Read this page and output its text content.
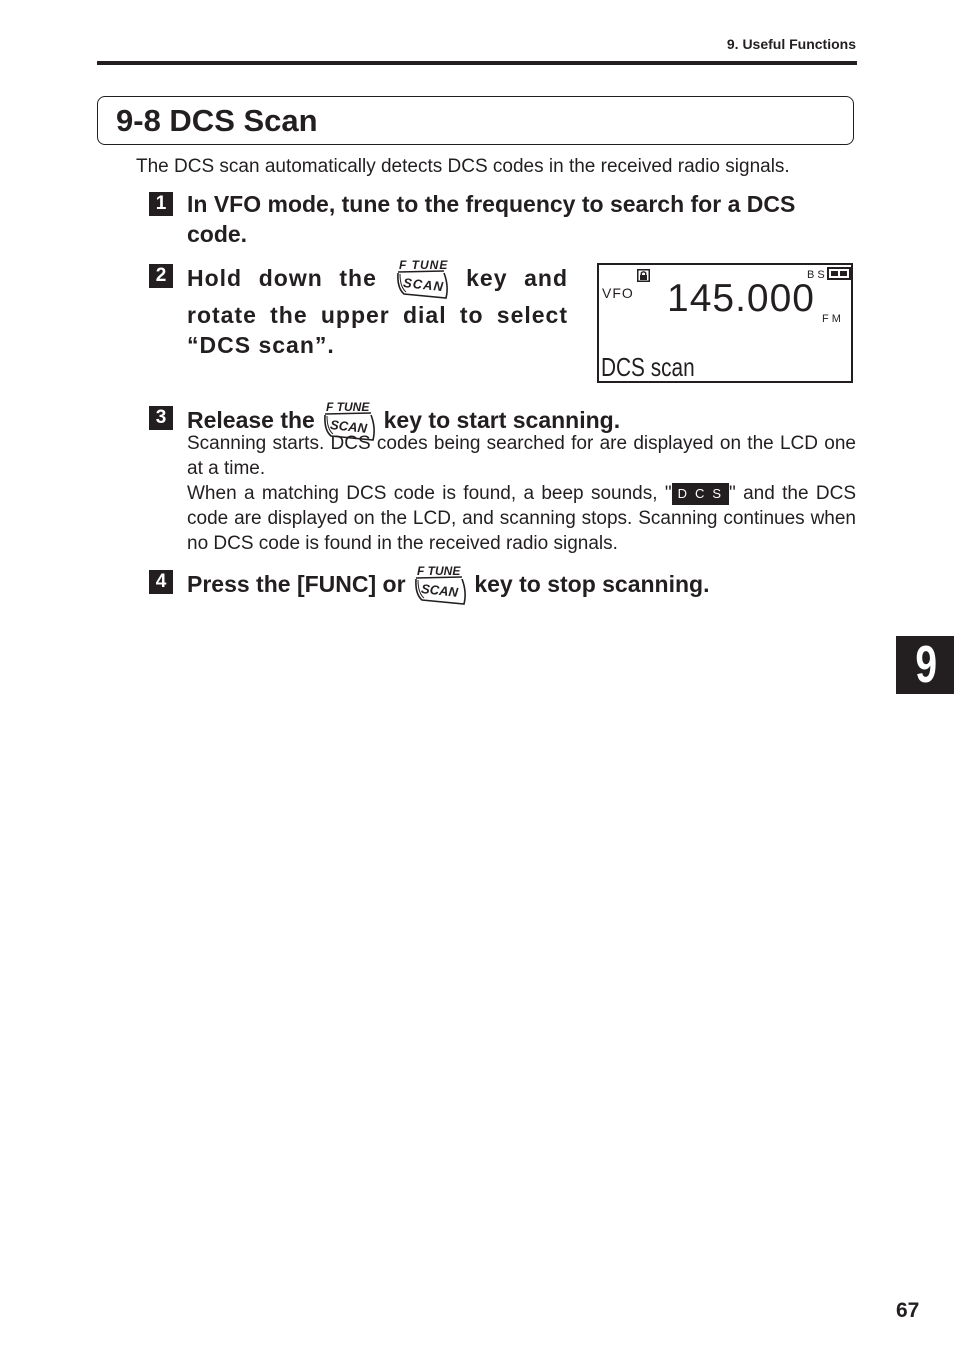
9. Useful Functions
9-8 DCS Scan
The DCS scan automatically detects DCS codes in the received radio signals.
1 In VFO mode, tune to the frequency to search for a DCS code.
2 Hold down the	key and rotate the upper dial to select “DCS scan”.
VFO 145.000
BS
FM
DCS scan
3 Release the	key to start scanning.
Scanning starts. DCS codes being searched for are displayed on the LCD one at a time.
When a matching DCS code is found, a beep sounds, " DCS" and the DCS code are displayed on the LCD, and scanning stops. Scanning continues when no DCS code is found in the received radio signals.
4 Press the [FUNC] or	key to stop scanning.
9
67
